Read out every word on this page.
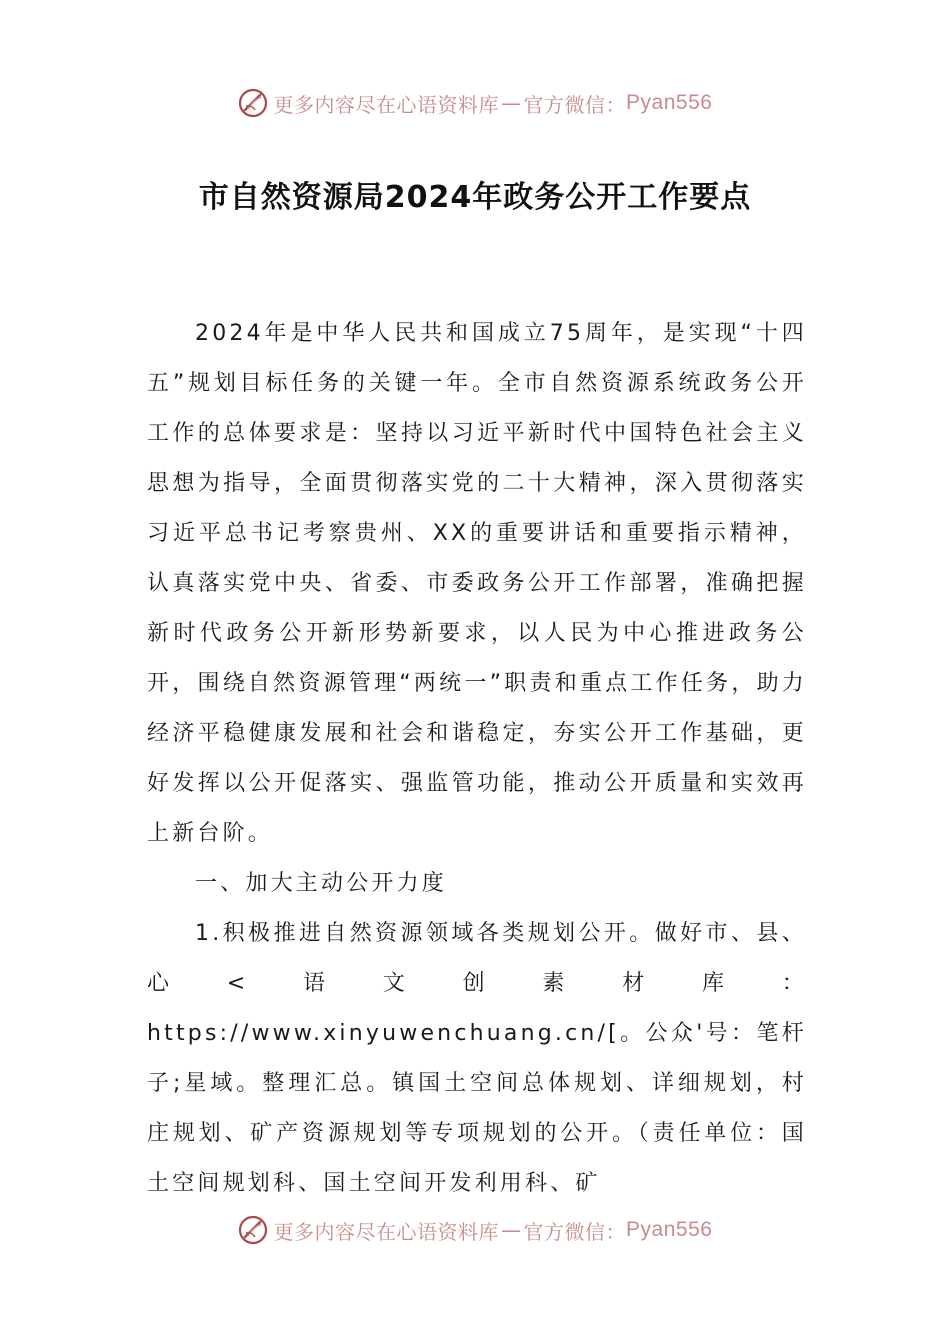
更多内容尽在心语资料库 — 官方微信： Pyan556
市自然资源局2024年政务公开工作要点

2024年是中华人民共和国成立75周年，是实现“十四五”规划目标任务的关键一年。全市自然资源系统政务公开工作的总体要求是：坚持以习近平新时代中国特色社会主义思想为指导，全面贯彻落实党的二十大精神，深入贯彻落实习近平总书记考察贵州、XX的重要讲话和重要指示精神，认真落实党中央、省委、市委政务公开工作部署，准确把握新时代政务公开新形势新要求，以人民为中心推进政务公开，围绕自然资源管理“两统一”职责和重点工作任务，助力经济平稳健康发展和社会和谐稳定，夯实公开工作基础，更好发挥以公开促落实、强监管功能，推动公开质量和实效再上新台阶。

一、加大主动公开力度

1.积极推进自然资源领域各类规划公开。做好市、县、心<语文创素材库：https://www.xinyuwenchuang.cn/[。公众'号：笔杆子;星域。整理汇总。镇国土空间总体规划、详细规划，村庄规划、矿产资源规划等专项规划的公开。（责任单位：国土空间规划科、国土空间开发利用科、矿

更多内容尽在心语资料库 — 官方微信： Pyan556
